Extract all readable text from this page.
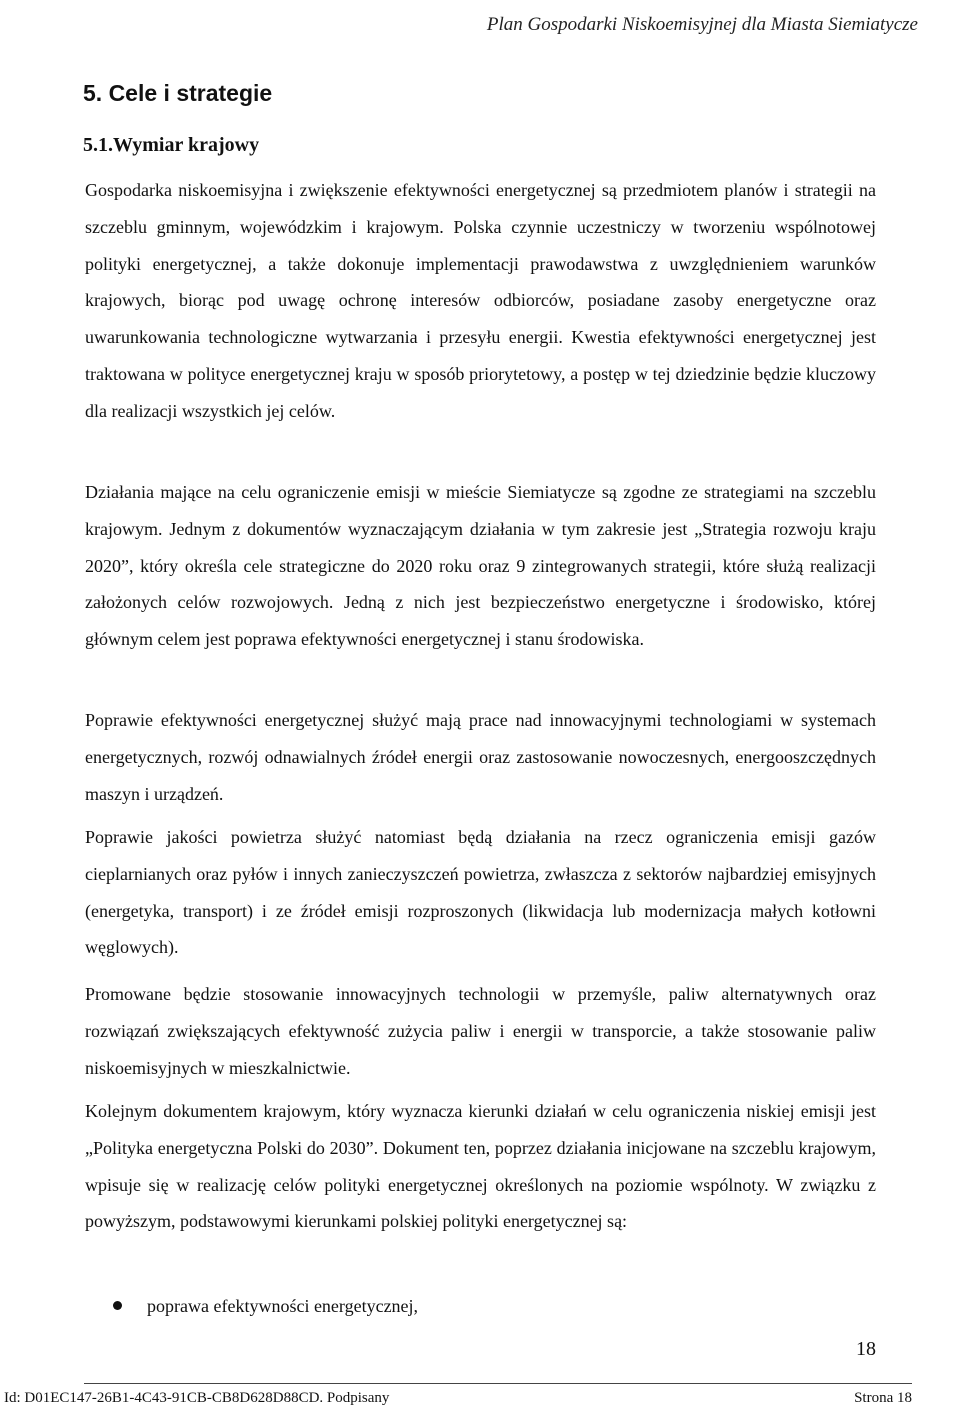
Plan Gospodarki Niskoemisyjnej dla Miasta Siemiatycze
5. Cele i strategie
5.1.Wymiar krajowy

Gospodarka niskoemisyjna i zwiększenie efektywności energetycznej są przedmiotem planów i strategii na szczeblu gminnym, wojewódzkim i krajowym. Polska czynnie uczestniczy w tworzeniu wspólnotowej polityki energetycznej, a także dokonuje implementacji prawodawstwa z uwzględnieniem warunków krajowych, biorąc pod uwagę ochronę interesów odbiorców, posiadane zasoby energetyczne oraz uwarunkowania technologiczne wytwarzania i przesyłu energii. Kwestia efektywności energetycznej jest traktowana w polityce energetycznej kraju w sposób priorytetowy, a postęp w tej dziedzinie będzie kluczowy dla realizacji wszystkich jej celów.

Działania mające na celu ograniczenie emisji w mieście Siemiatycze są zgodne ze strategiami na szczeblu krajowym. Jednym z dokumentów wyznaczającym działania w tym zakresie jest „Strategia rozwoju kraju 2020”, który określa cele strategiczne do 2020 roku oraz 9 zintegrowanych strategii, które służą realizacji założonych celów rozwojowych. Jedną z nich jest bezpieczeństwo energetyczne i środowisko, której głównym celem jest poprawa efektywności energetycznej i stanu środowiska.

Poprawie efektywności energetycznej służyć mają prace nad innowacyjnymi technologiami w systemach energetycznych, rozwój odnawialnych źródeł energii oraz zastosowanie nowoczesnych, energooszczędnych maszyn i urządzeń.

Poprawie jakości powietrza służyć natomiast będą działania na rzecz ograniczenia emisji gazów cieplarnianych oraz pyłów i innych zanieczyszczeń powietrza, zwłaszcza z sektorów najbardziej emisyjnych (energetyka, transport) i ze źródeł emisji rozproszonych (likwidacja lub modernizacja małych kotłowni węglowych).

Promowane będzie stosowanie innowacyjnych technologii w przemyśle, paliw alternatywnych oraz rozwiązań zwiększających efektywność zużycia paliw i energii w transporcie, a także stosowanie paliw niskoemisyjnych w mieszkalnictwie.

Kolejnym dokumentem krajowym, który wyznacza kierunki działań w celu ograniczenia niskiej emisji jest „Polityka energetyczna Polski do 2030”. Dokument ten, poprzez działania inicjowane na szczeblu krajowym, wpisuje się w realizację celów polityki energetycznej określonych na poziomie wspólnoty. W związku z powyższym, podstawowymi kierunkami polskiej polityki energetycznej są:

poprawa efektywności energetycznej,
18
Id: D01EC147-26B1-4C43-91CB-CB8D628D88CD. Podpisany	Strona 18
